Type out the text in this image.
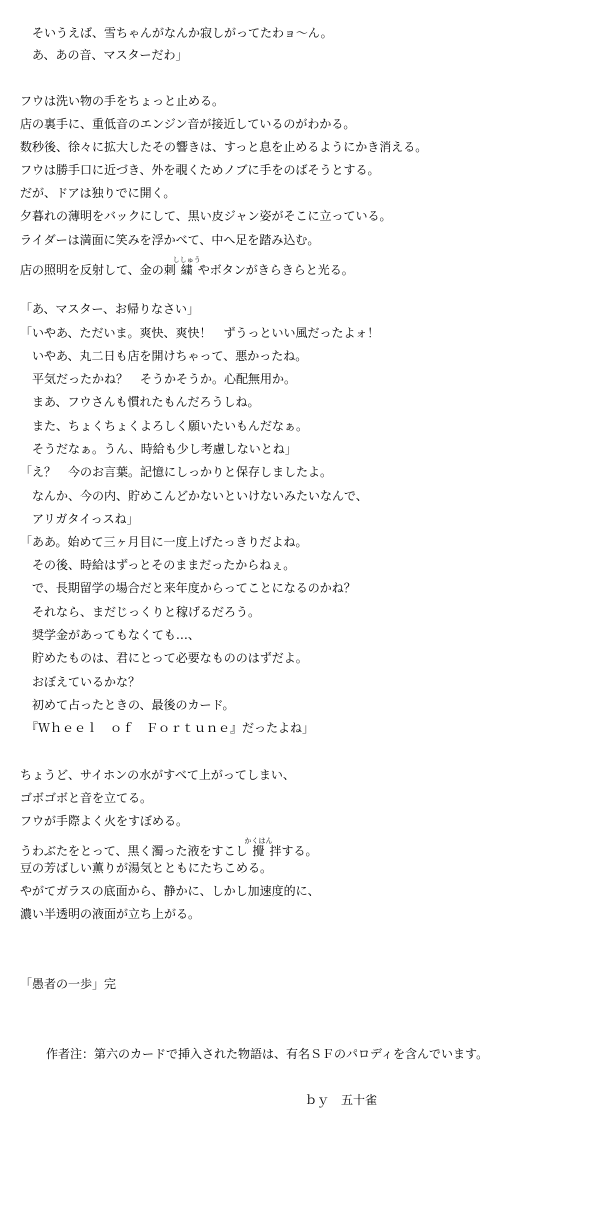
　そいうえば、雪ちゃんがなんか寂しがってたわョ～ん。
　あ、あの音、マスターだわ」
フウは洗い物の手をちょっと止める。
店の裏手に、重低音のエンジン音が接近しているのがわかる。
数秒後、徐々に拡大したその響きは、すっと息を止めるようにかき消える。
フウは勝手口に近づき、外を覗くためノブに手をのばそうとする。
だが、ドアは独りでに開く。
夕暮れの薄明をバックにして、黒い皮ジャン姿がそこに立っている。
ライダーは満面に笑みを浮かべて、中へ足を踏み込む。
店の照明を反射して、金の刺繍ししゅうやボタンがきらきらと光る。
「あ、マスター、お帰りなさい」
「いやあ、ただいま。爽快、爽快！　ずうっといい風だったよォ！
　いやあ、丸二日も店を開けちゃって、悪かったね。
　平気だったかね？　そうかそうか。心配無用か。
　まあ、フウさんも慣れたもんだろうしね。
　また、ちょくちょくよろしく願いたいもんだなぁ。
　そうだなぁ。うん、時給も少し考慮しないとね」
「え？　今のお言葉。記憶にしっかりと保存しましたよ。
　なんか、今の内、貯めこんどかないといけないみたいなんで、
　アリガタイっスね」
「ああ。始めて三ヶ月目に一度上げたっきりだよね。
　その後、時給はずっとそのままだったからねぇ。
　で、長期留学の場合だと来年度からってことになるのかね？
　それなら、まだじっくりと稼げるだろう。
　奨学金があってもなくても…、
　貯めたものは、君にとって必要なもののはずだよ。
　おぼえているかな？
　初めて占ったときの、最後のカード。
　『Ｗｈｅｅｌ　ｏｆ　Ｆｏｒｔｕｎｅ』だったよね」
ちょうど、サイホンの水がすべて上がってしまい、
ゴボゴボと音を立てる。
フウが手際よく火をすぼめる。
うわぶたをとって、黒く濁った液をすこし攪かくはん拌する。
豆の芳ばしい薫りが湯気とともにたちこめる。
やがてガラスの底面から、静かに、しかし加速度的に、
濃い半透明の液面が立ち上がる。
「愚者の一歩」完
作者注：第六のカードで挿入された物語は、有名ＳＦのパロディを含んでいます。
ｂｙ　五十雀
